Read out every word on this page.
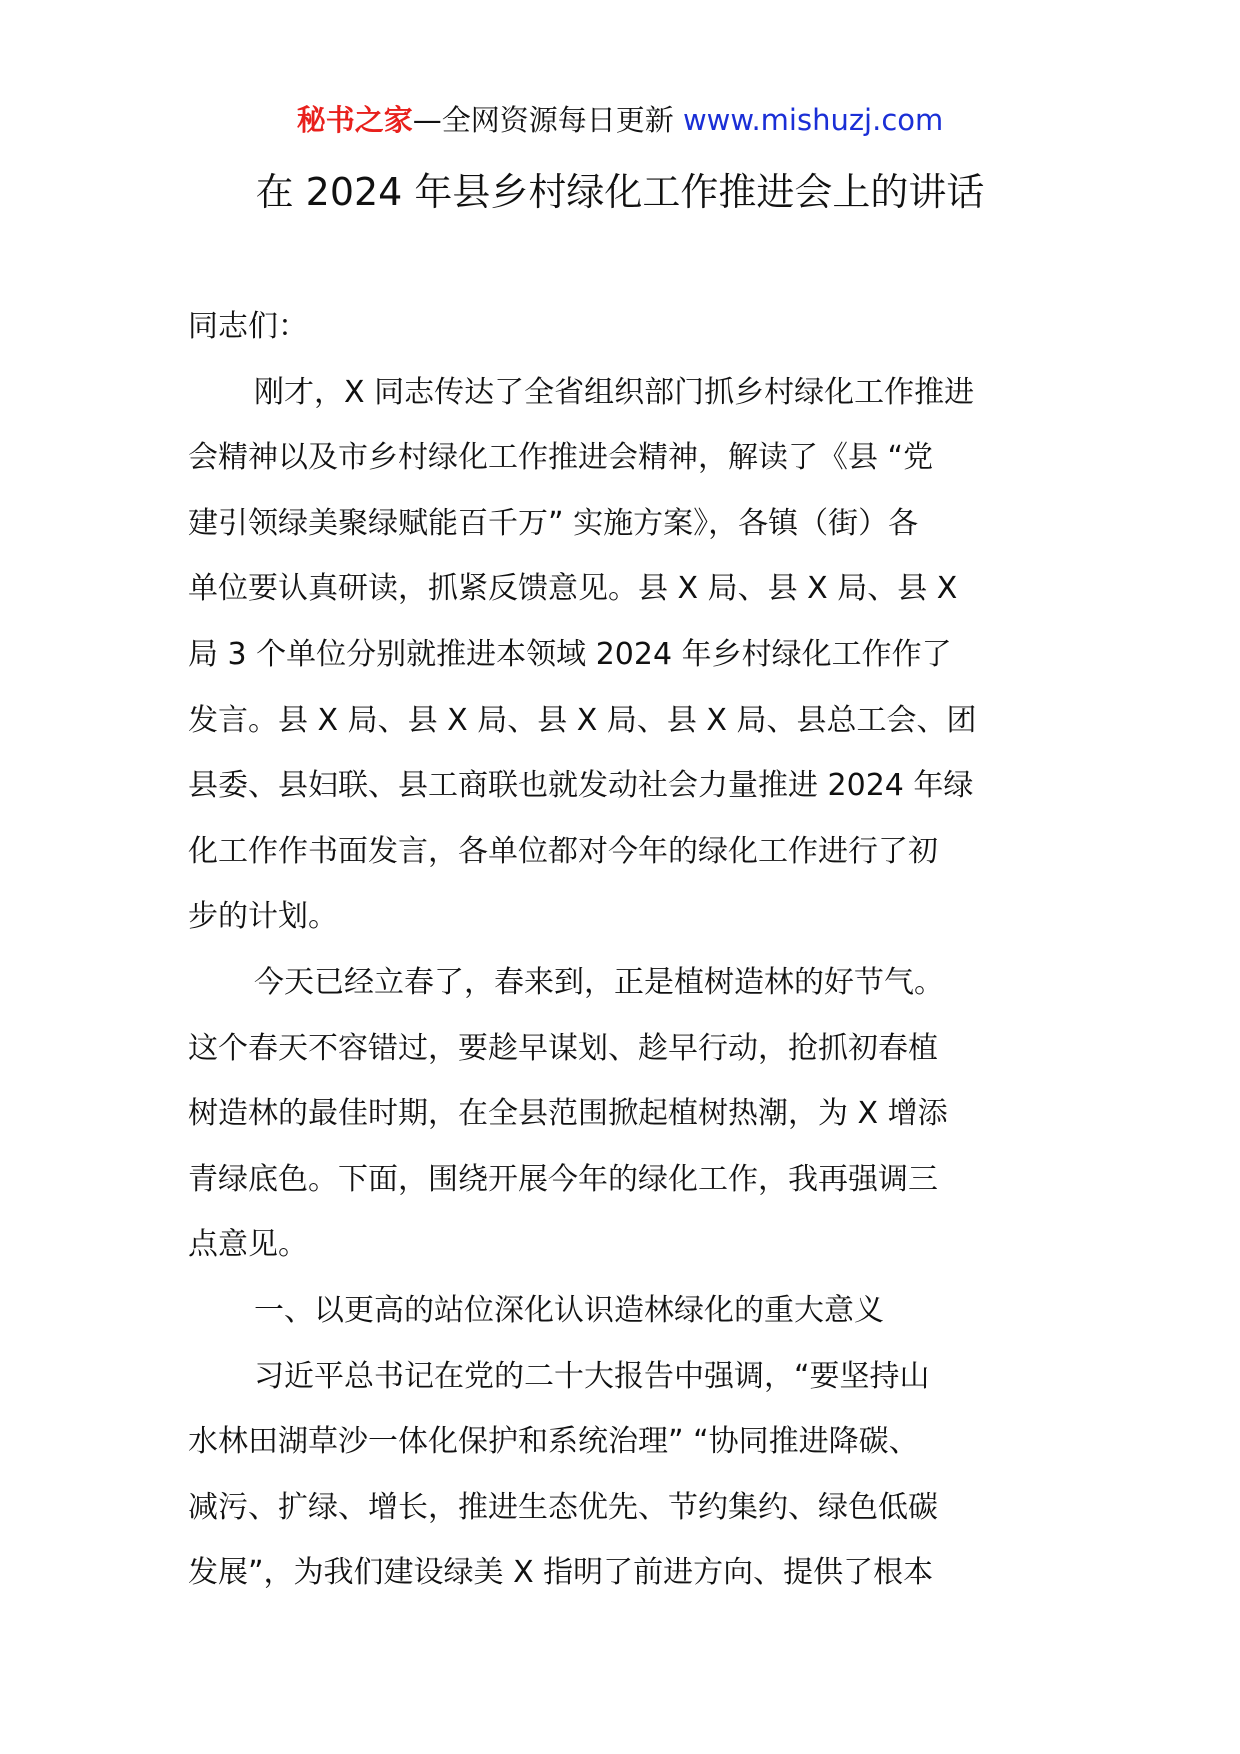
秘书之家—全网资源每日更新 www.mishuzj.com
在 2024 年县乡村绿化工作推进会上的讲话
同志们：
刚才，X 同志传达了全省组织部门抓乡村绿化工作推进
会精神以及市乡村绿化工作推进会精神，解读了《县 “党
建引领绿美聚绿赋能百千万” 实施方案》，各镇（街）各
单位要认真研读，抓紧反馈意见。县 X 局、县 X 局、县 X
局 3 个单位分别就推进本领域 2024 年乡村绿化工作作了
发言。县 X 局、县 X 局、县 X 局、县 X 局、县总工会、团
县委、县妇联、县工商联也就发动社会力量推进 2024 年绿
化工作作书面发言，各单位都对今年的绿化工作进行了初
步的计划。
今天已经立春了，春来到，正是植树造林的好节气。
这个春天不容错过，要趁早谋划、趁早行动，抢抓初春植
树造林的最佳时期，在全县范围掀起植树热潮，为 X 增添
青绿底色。下面，围绕开展今年的绿化工作，我再强调三
点意见。
一、以更高的站位深化认识造林绿化的重大意义
习近平总书记在党的二十大报告中强调，“要坚持山
水林田湖草沙一体化保护和系统治理” “协同推进降碳、
减污、扩绿、增长，推进生态优先、节约集约、绿色低碳
发展”，为我们建设绿美 X 指明了前进方向、提供了根本
